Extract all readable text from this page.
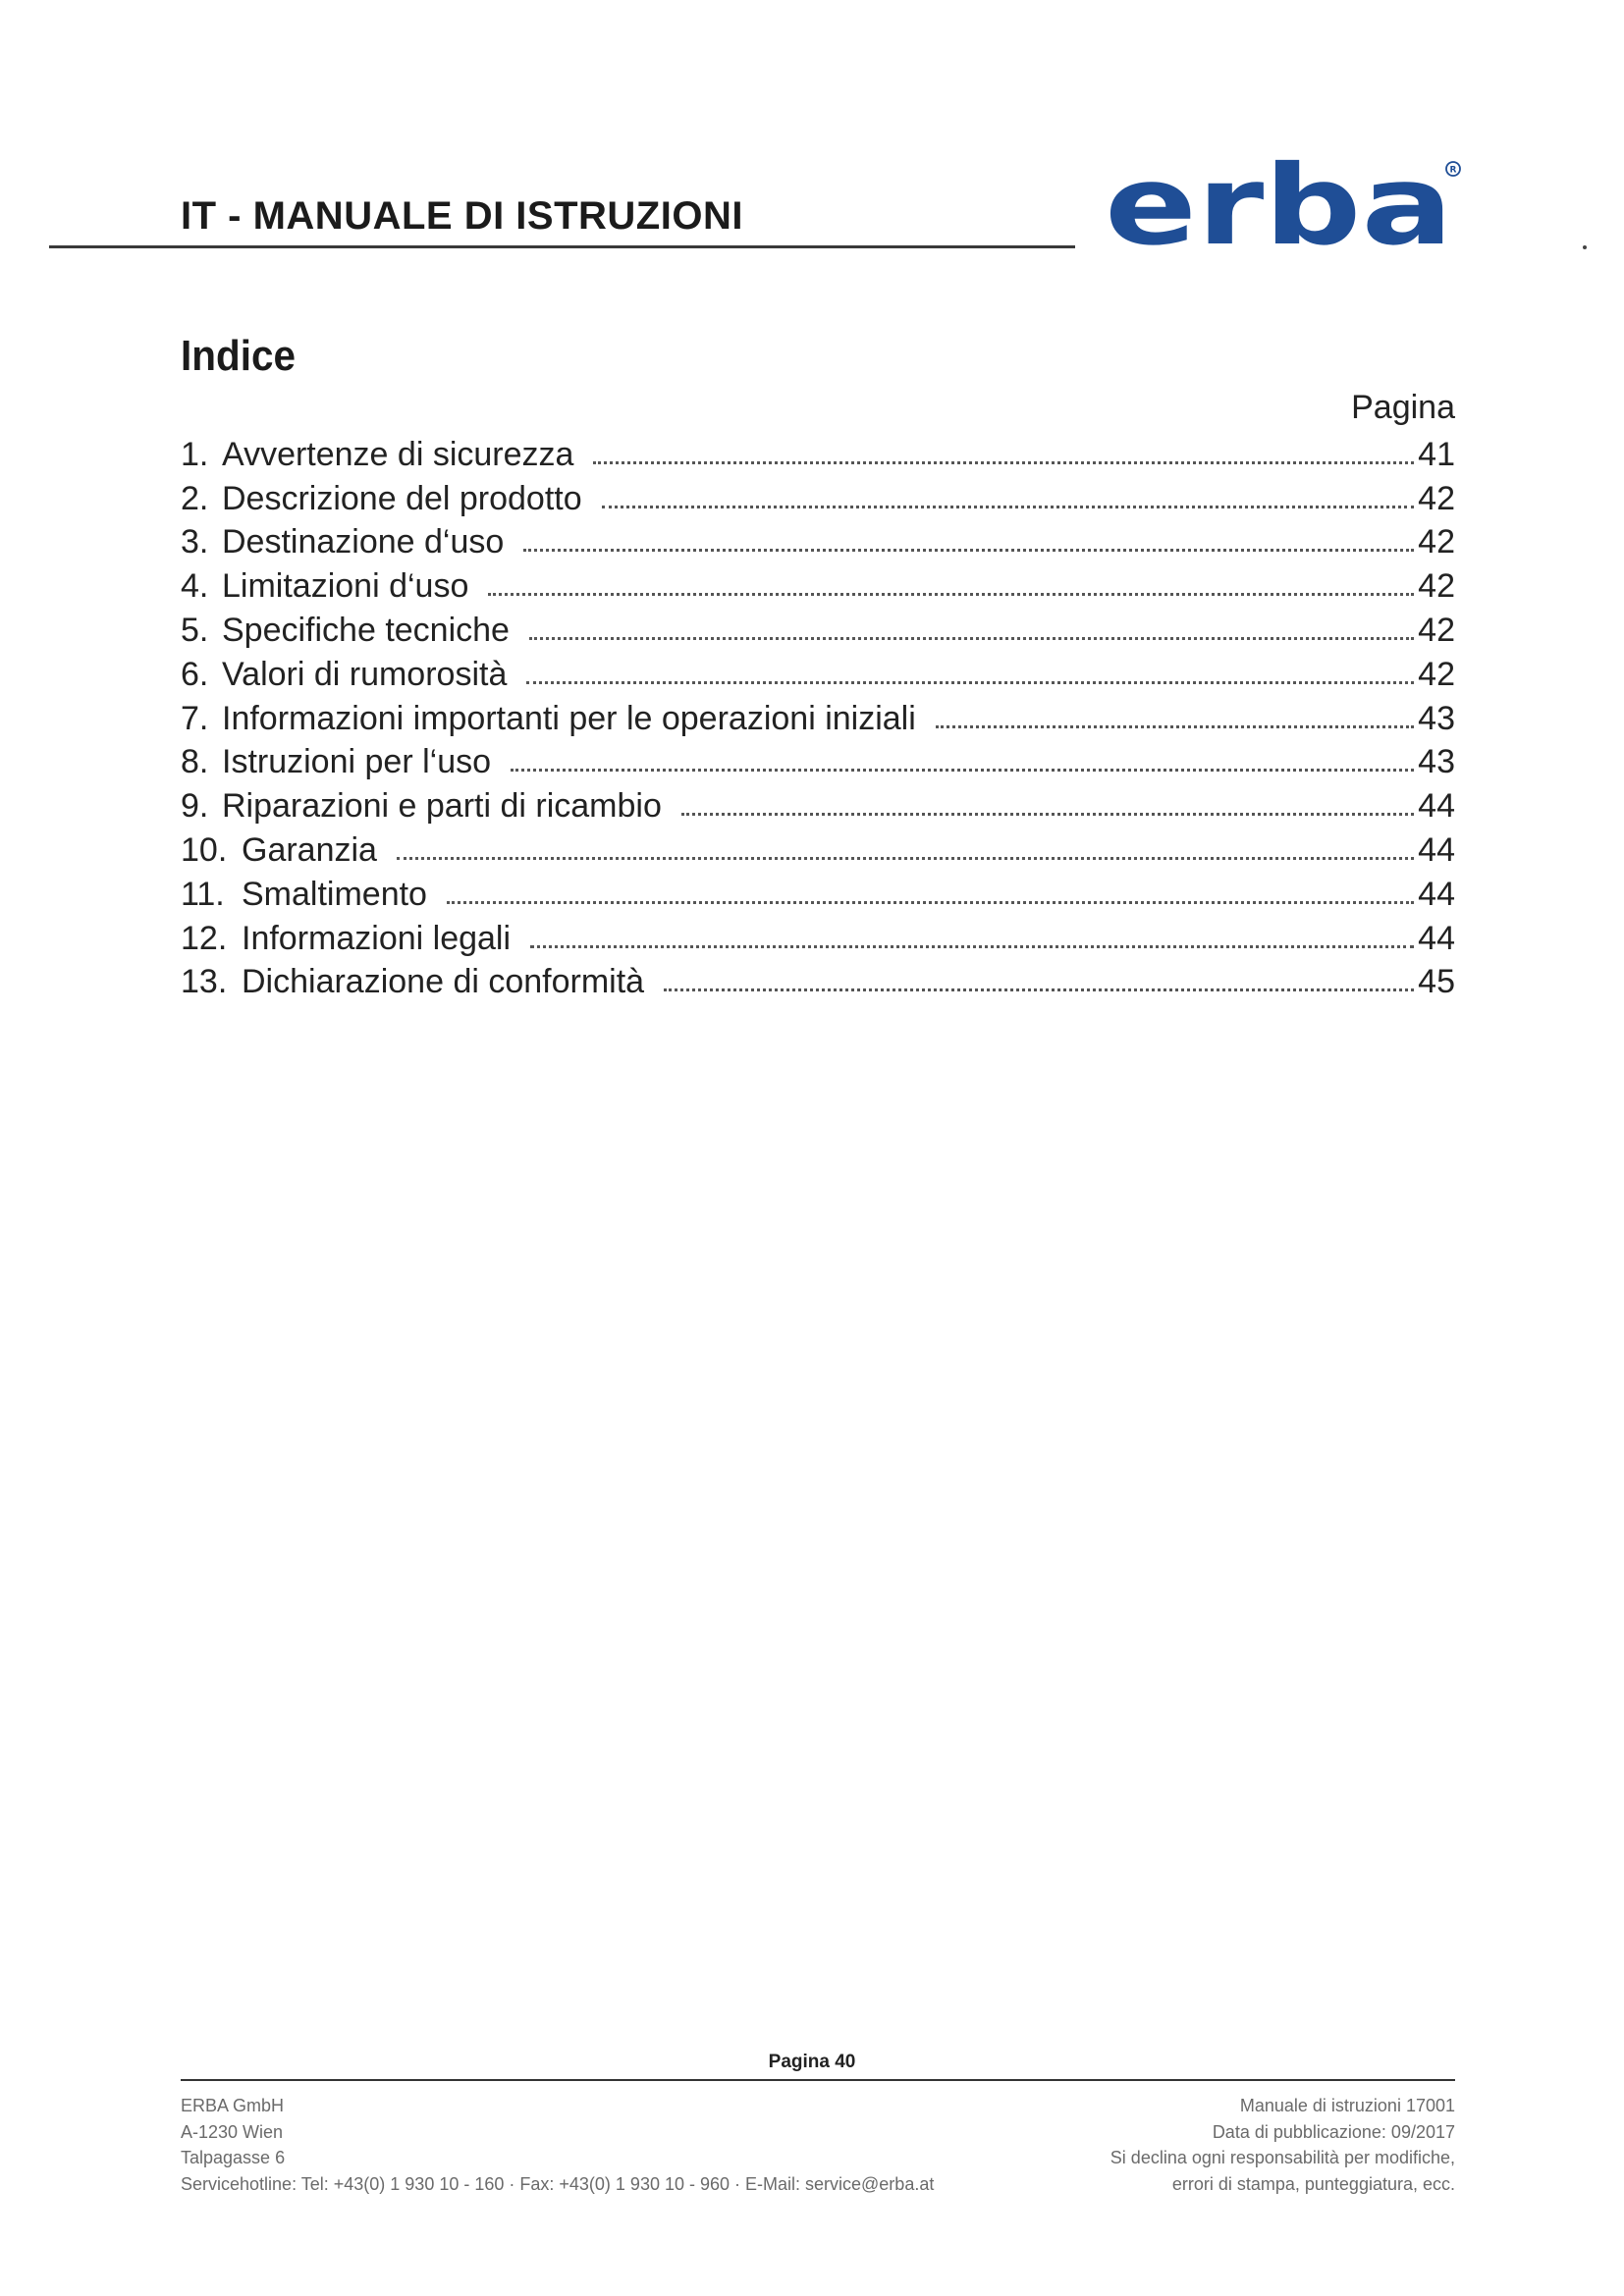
IT - MANUALE DI ISTRUZIONI	erba
R
Indice
Pagina
1. Avvertenze di sicurezza	41
2. Descrizione del prodotto	42
3. Destinazione d‘uso	42
4. Limitazioni d‘uso	42
5. Specifiche tecniche	42
6. Valori di rumorosità	42
7. Informazioni importanti per le operazioni iniziali	43
8. Istruzioni per l‘uso	43
9. Riparazioni e parti di ricambio	44
10. Garanzia	44
11. Smaltimento	44
12. Informazioni legali	44
13. Dichiarazione di conformità	45
Pagina 40
ERBA GmbH
A-1230 Wien
Talpagasse 6
Servicehotline: Tel: +43(0) 1 930 10 - 160 · Fax: +43(0) 1 930 10 - 960 · E-Mail: service@erba.at
Manuale di istruzioni 17001
Data di pubblicazione: 09/2017
Si declina ogni responsabilità per modifiche,
errori di stampa, punteggiatura, ecc.
